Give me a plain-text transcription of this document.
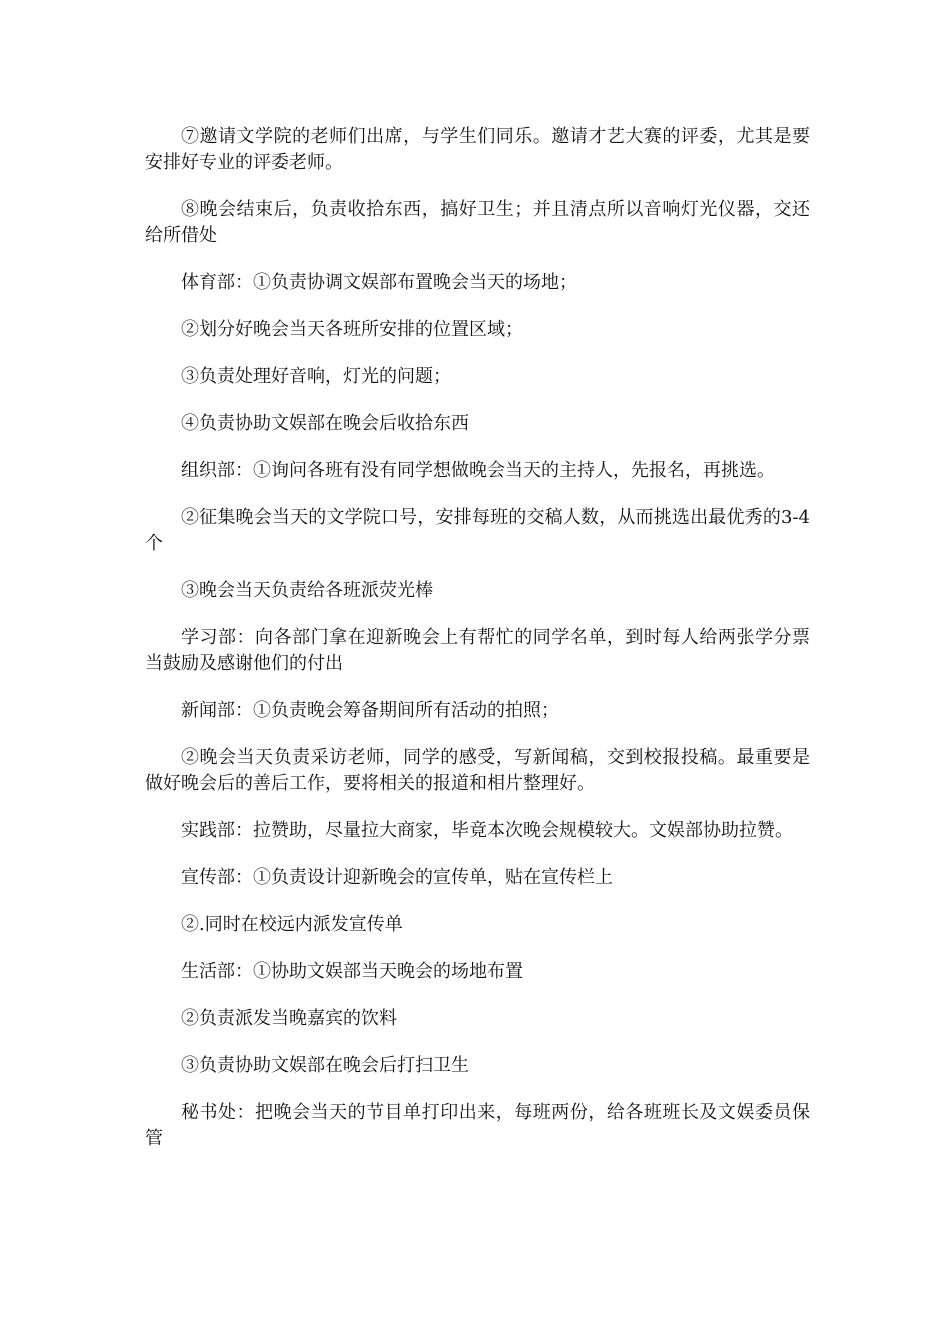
⑦邀请文学院的老师们出席，与学生们同乐。邀请才艺大赛的评委，尤其是要安排好专业的评委老师。

⑧晚会结束后，负责收拾东西，搞好卫生；并且清点所以音响灯光仪器，交还给所借处

体育部：①负责协调文娱部布置晚会当天的场地；

②划分好晚会当天各班所安排的位置区域；

③负责处理好音响，灯光的问题；

④负责协助文娱部在晚会后收拾东西

组织部：①询问各班有没有同学想做晚会当天的主持人，先报名，再挑选。

②征集晚会当天的文学院口号，安排每班的交稿人数，从而挑选出最优秀的3-4个

③晚会当天负责给各班派荧光棒

学习部：向各部门拿在迎新晚会上有帮忙的同学名单，到时每人给两张学分票当鼓励及感谢他们的付出

新闻部：①负责晚会筹备期间所有活动的拍照；

②晚会当天负责采访老师，同学的感受，写新闻稿，交到校报投稿。最重要是做好晚会后的善后工作，要将相关的报道和相片整理好。

实践部：拉赞助，尽量拉大商家，毕竟本次晚会规模较大。文娱部协助拉赞。

宣传部：①负责设计迎新晚会的宣传单，贴在宣传栏上

②.同时在校远内派发宣传单

生活部：①协助文娱部当天晚会的场地布置

②负责派发当晚嘉宾的饮料

③负责协助文娱部在晚会后打扫卫生

秘书处：把晚会当天的节目单打印出来，每班两份，给各班班长及文娱委员保管
